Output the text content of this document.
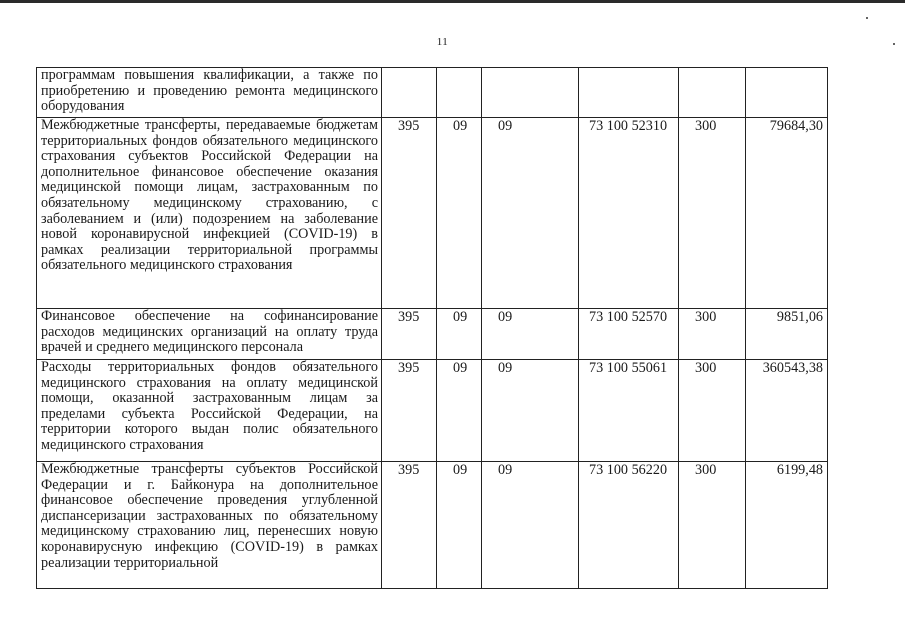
11
программам повышения квалификации, а также по приобретению и проведению ремонта медицинского оборудования						
Межбюджетные трансферты, передаваемые бюджетам территориальных фондов обязательного медицинского страхования субъектов Российской Федерации на дополнительное финансовое обеспечение оказания медицинской помощи лицам, застрахованным по обязательному медицинскому страхованию, с заболеванием и (или) подозрением на заболевание новой коронавирусной инфекцией (COVID-19) в рамках реализации территориальной программы обязательного медицинского страхования	395	09	09	73 100 52310	300	79684,30
Финансовое обеспечение на софинансирование расходов медицинских организаций на оплату труда врачей и среднего медицинского персонала	395	09	09	73 100 52570	300	9851,06
Расходы территориальных фондов обязательного медицинского страхования на оплату медицинской помощи, оказанной застрахованным лицам за пределами субъекта Российской Федерации, на территории которого выдан полис обязательного медицинского страхования	395	09	09	73 100 55061	300	360543,38
Межбюджетные трансферты субъектов Российской Федерации и г. Байконура на дополнительное финансовое обеспечение проведения углубленной диспансеризации застрахованных по обязательному медицинскому страхованию лиц, перенесших новую коронавирусную инфекцию (COVID-19) в рамках реализации территориальной	395	09	09	73 100 56220	300	6199,48
